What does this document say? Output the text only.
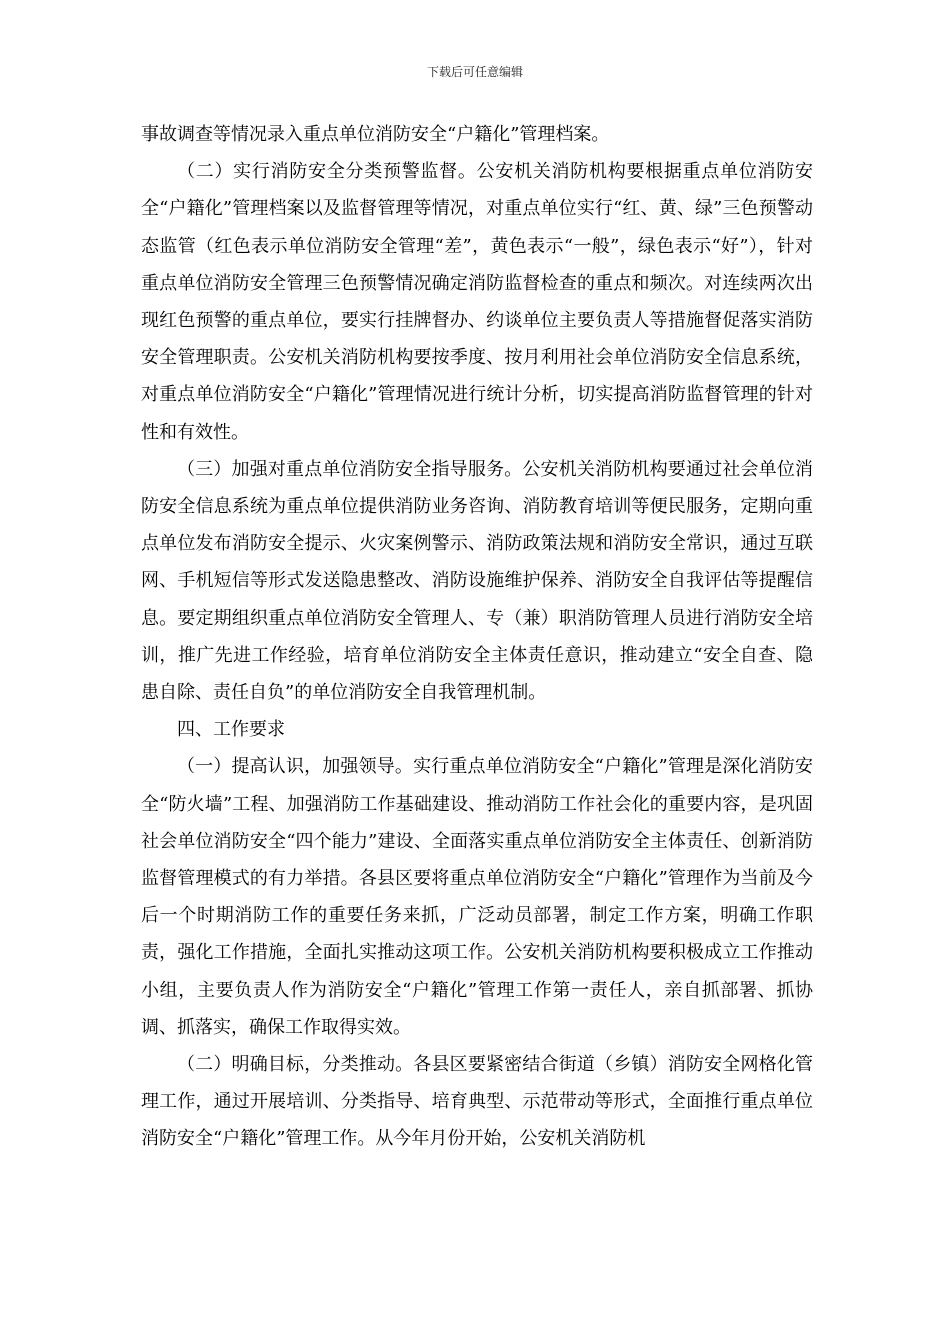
下载后可任意编辑

事故调查等情况录入重点单位消防安全“户籍化”管理档案。

（二）实行消防安全分类预警监督。公安机关消防机构要根据重点单位消防安全“户籍化”管理档案以及监督管理等情况，对重点单位实行“红、黄、绿”三色预警动态监管（红色表示单位消防安全管理“差”，黄色表示“一般”，绿色表示“好”），针对重点单位消防安全管理三色预警情况确定消防监督检查的重点和频次。对连续两次出现红色预警的重点单位，要实行挂牌督办、约谈单位主要负责人等措施督促落实消防安全管理职责。公安机关消防机构要按季度、按月利用社会单位消防安全信息系统，对重点单位消防安全“户籍化”管理情况进行统计分析，切实提高消防监督管理的针对性和有效性。

（三）加强对重点单位消防安全指导服务。公安机关消防机构要通过社会单位消防安全信息系统为重点单位提供消防业务咨询、消防教育培训等便民服务，定期向重点单位发布消防安全提示、火灾案例警示、消防政策法规和消防安全常识，通过互联网、手机短信等形式发送隐患整改、消防设施维护保养、消防安全自我评估等提醒信息。要定期组织重点单位消防安全管理人、专（兼）职消防管理人员进行消防安全培训，推广先进工作经验，培育单位消防安全主体责任意识，推动建立“安全自查、隐患自除、责任自负”的单位消防安全自我管理机制。

四、工作要求

（一）提高认识，加强领导。实行重点单位消防安全“户籍化”管理是深化消防安全“防火墙”工程、加强消防工作基础建设、推动消防工作社会化的重要内容，是巩固社会单位消防安全“四个能力”建设、全面落实重点单位消防安全主体责任、创新消防监督管理模式的有力举措。各县区要将重点单位消防安全“户籍化”管理作为当前及今后一个时期消防工作的重要任务来抓，广泛动员部署，制定工作方案，明确工作职责，强化工作措施，全面扎实推动这项工作。公安机关消防机构要积极成立工作推动小组，主要负责人作为消防安全“户籍化”管理工作第一责任人，亲自抓部署、抓协调、抓落实，确保工作取得实效。

（二）明确目标，分类推动。各县区要紧密结合街道（乡镇）消防安全网格化管理工作，通过开展培训、分类指导、培育典型、示范带动等形式，全面推行重点单位消防安全“户籍化”管理工作。从今年月份开始，公安机关消防机
